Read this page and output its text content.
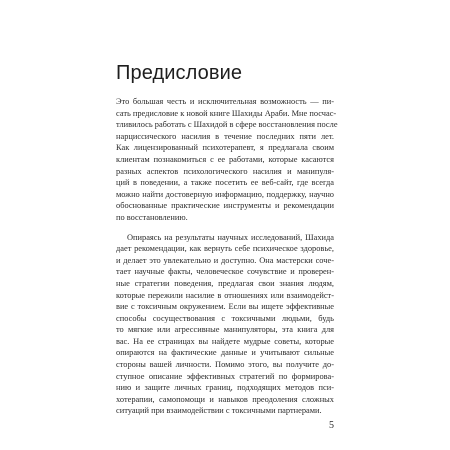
Предисловие

Это большая честь и исключительная возможность — пи-
сать предисловие к новой книге Шахиды Араби. Мне посчас-
тливилось работать с Шахидой в сфере восстановления после
нарциссического насилия в течение последних пяти лет.
Как лицензированный психотерапевт, я предлагала своим
клиентам познакомиться с ее работами, которые касаются
разных аспектов психологического насилия и манипуля-
ций в поведении, а также посетить ее веб-сайт, где всегда
можно найти достоверную информацию, поддержку, научно
обоснованные практические инструменты и рекомендации
по восстановлению.

Опираясь на результаты научных исследований, Шахида
дает рекомендации, как вернуть себе психическое здоровье,
и делает это увлекательно и доступно. Она мастерски соче-
тает научные факты, человеческое сочувствие и проверен-
ные стратегии поведения, предлагая свои знания людям,
которые пережили насилие в отношениях или взаимодейст-
вие с токсичным окружением. Если вы ищете эффективные
способы сосуществования с токсичными людьми, будь
то мягкие или агрессивные манипуляторы, эта книга для
вас. На ее страницах вы найдете мудрые советы, которые
опираются на фактические данные и учитывают сильные
стороны вашей личности. Помимо этого, вы получите до-
ступное описание эффективных стратегий по формирова-
нию и защите личных границ, подходящих методов пси-
хотерапии, самопомощи и навыков преодоления сложных
ситуаций при взаимодействии с токсичными партнерами.

5
